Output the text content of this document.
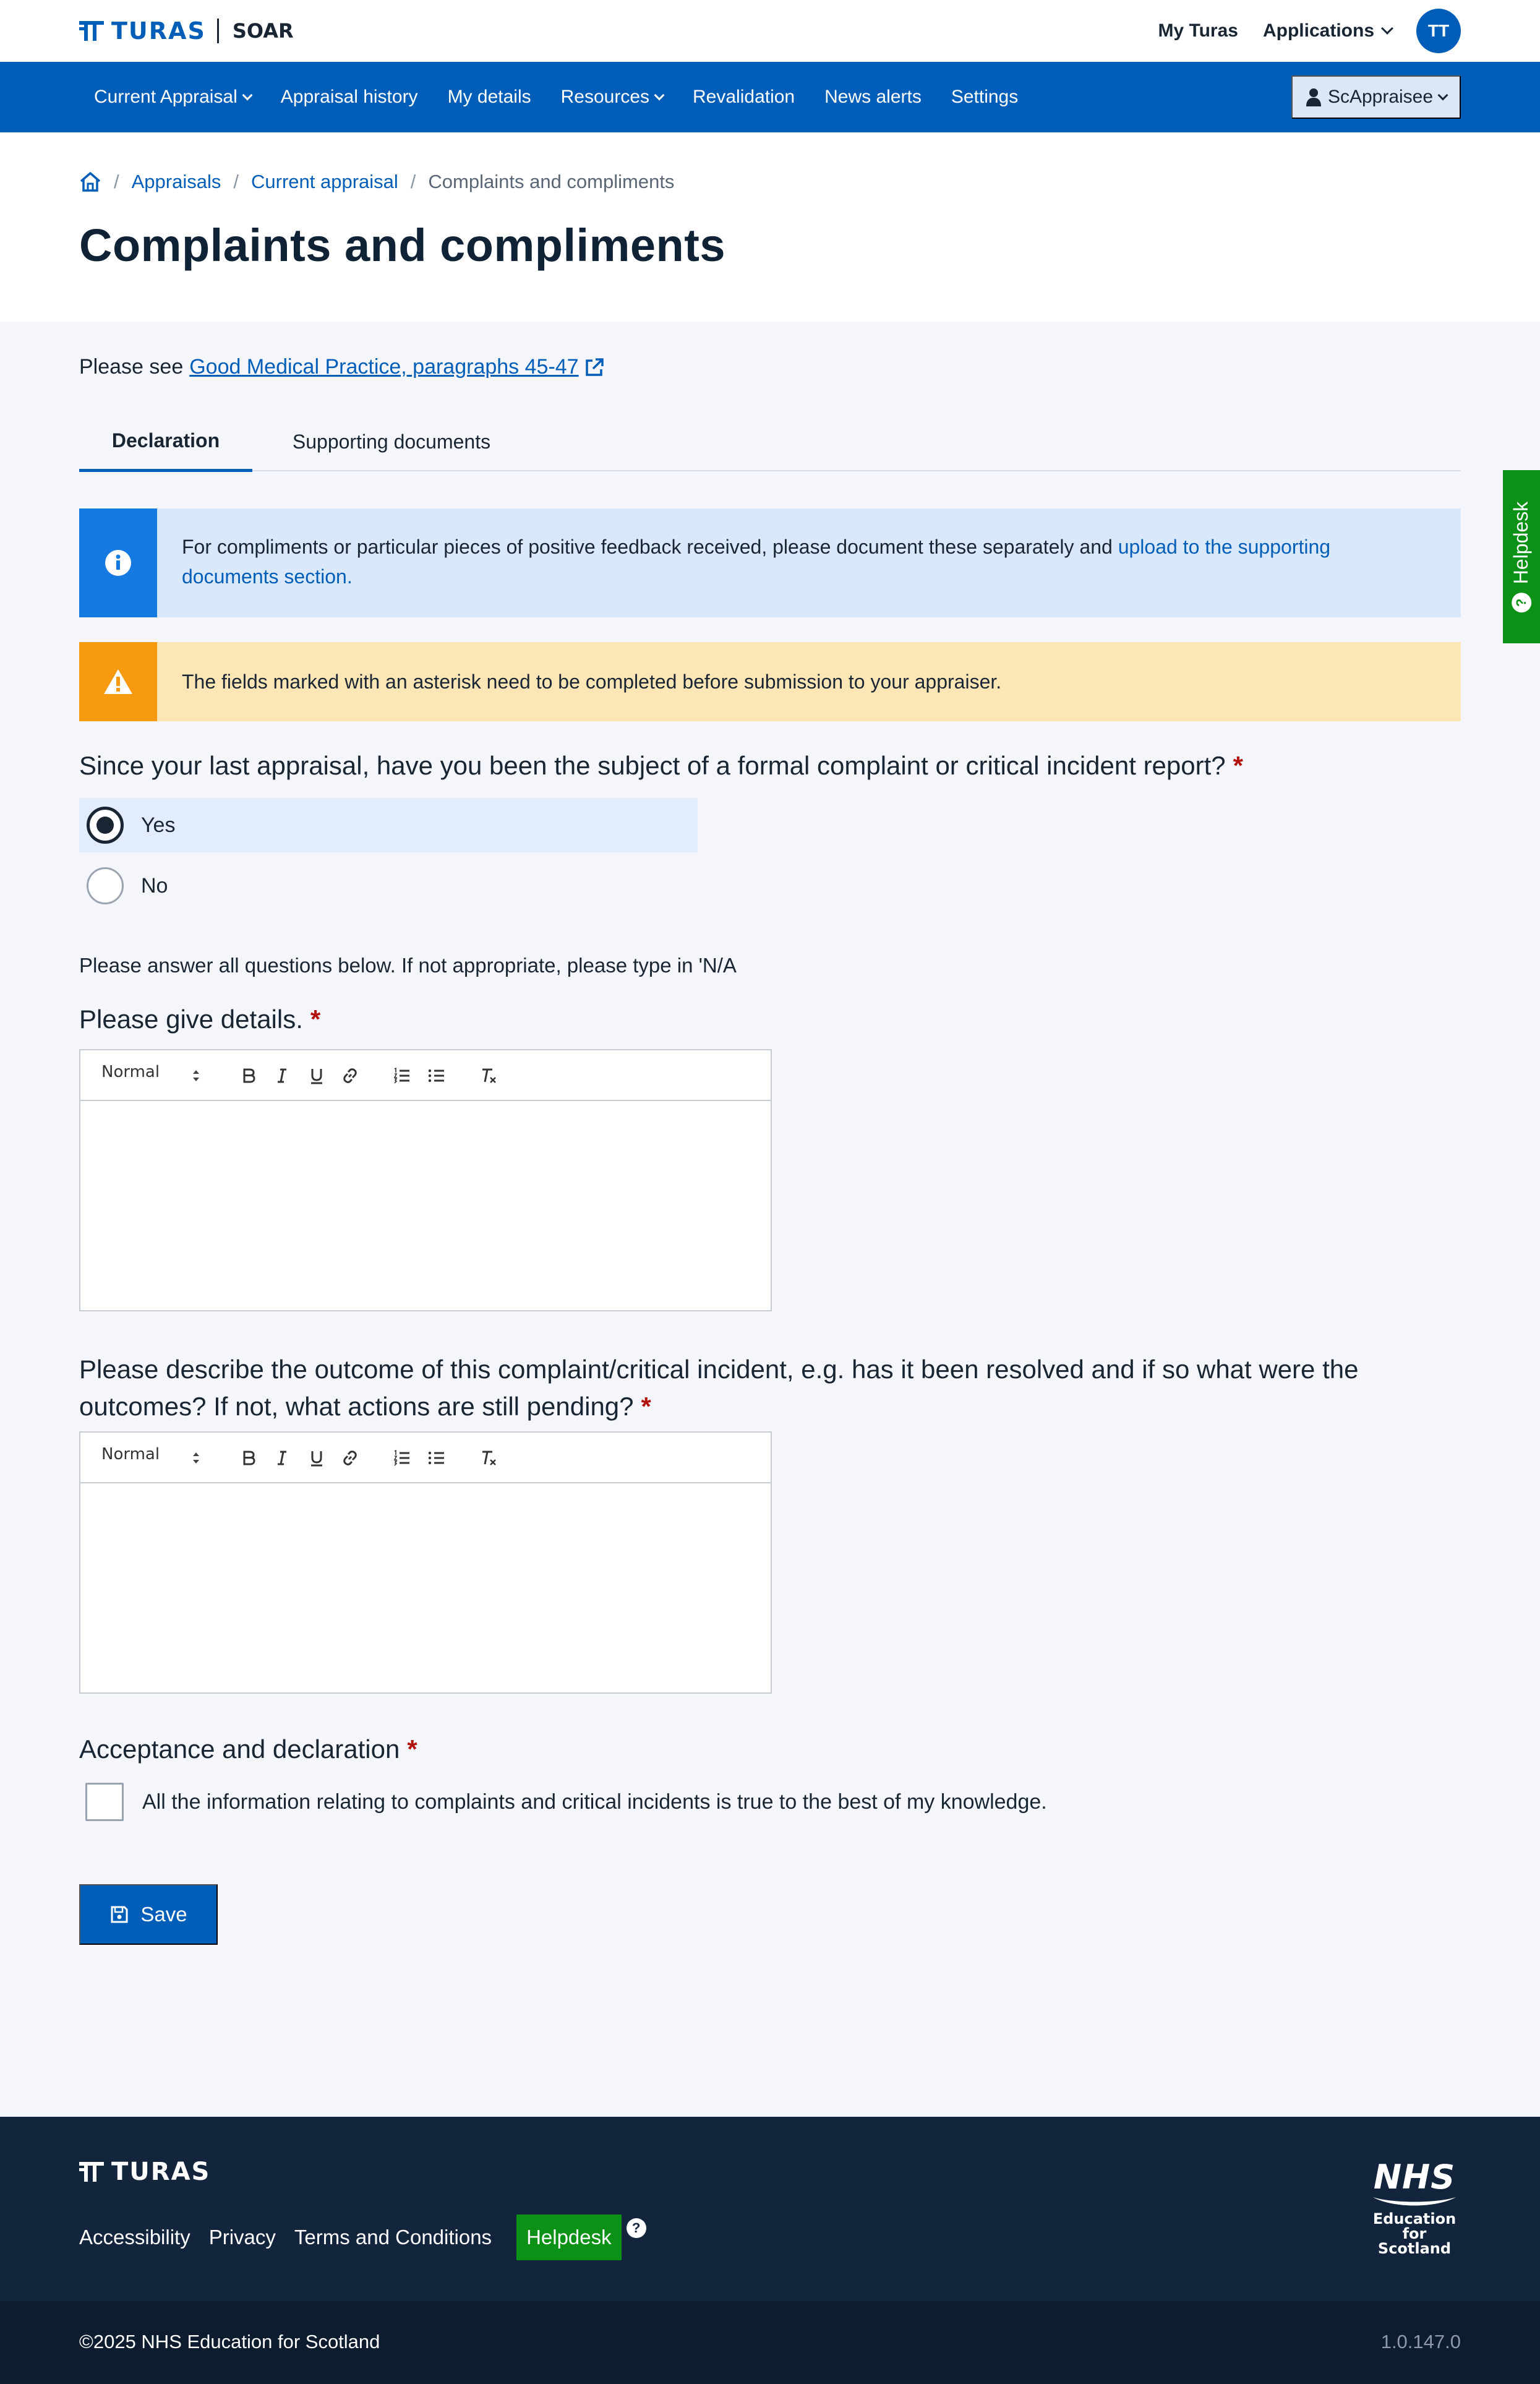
TURAS SOAR	My Turas Applications	TT
Current Appraisal	Appraisal history	My details	Resources	Revalidation	News alerts	Settings	ScAppraisee
/ Appraisals / Current appraisal / Complaints and compliments
Complaints and compliments
Please see Good Medical Practice, paragraphs 45-47
Declaration	Supporting documents
For compliments or particular pieces of positive feedback received, please document these separately and upload to the supporting documents section.
The fields marked with an asterisk need to be completed before submission to your appraiser.
Since your last appraisal, have you been the subject of a formal complaint or critical incident report? *
Yes
No

Please answer all questions below. If not appropriate, please type in 'N/A

Please give details. *
Normal
Please describe the outcome of this complaint/critical incident, e.g. has it been resolved and if so what were the outcomes? If not, what actions are still pending? *
Normal
Acceptance and declaration *
All the information relating to complaints and critical incidents is true to the best of my knowledge.
Save
?
Helpdesk
TURAS
Accessibility Privacy Terms and Conditions	Helpdesk	?
NHS
Education
for
Scotland
©2025 NHS Education for Scotland	1.0.147.0
